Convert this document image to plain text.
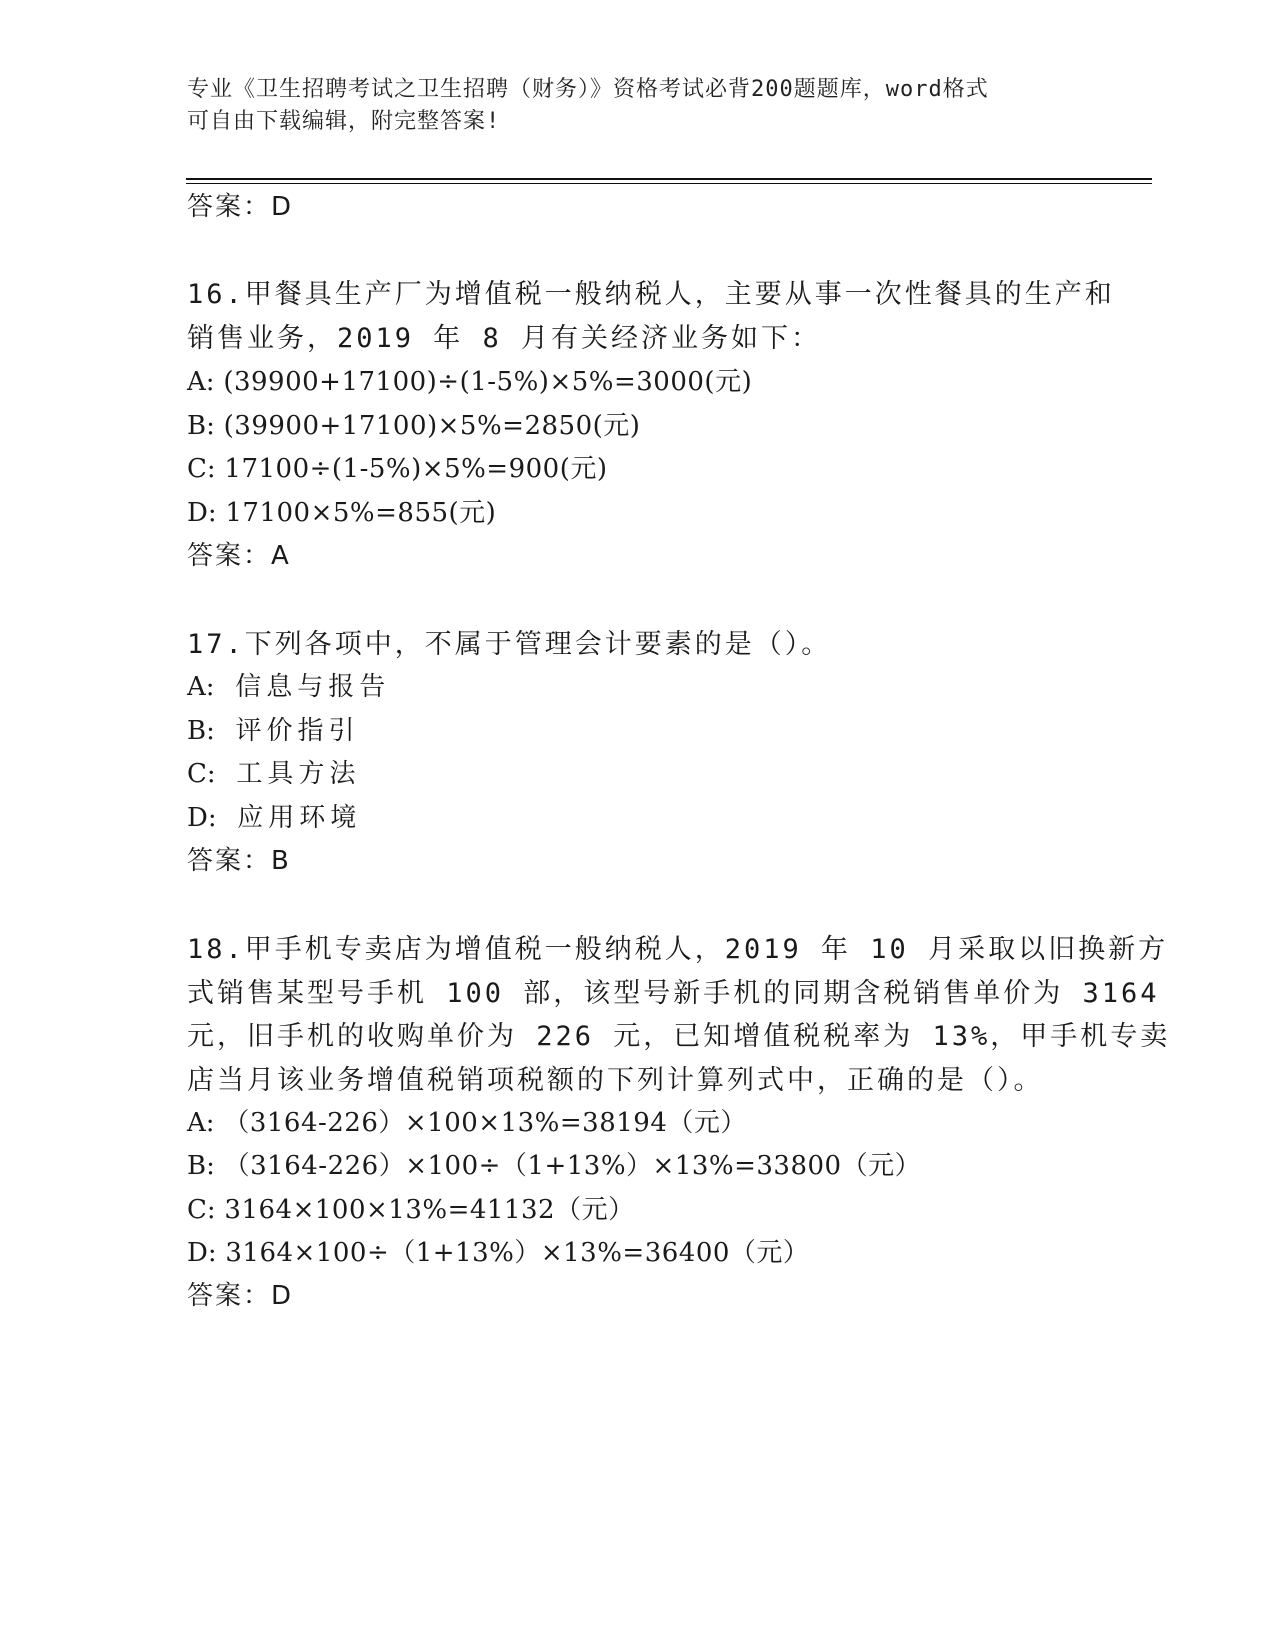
专业《卫生招聘考试之卫生招聘（财务）》资格考试必背200题题库，word格式
可自由下载编辑，附完整答案!
答案：D
16.甲餐具生产厂为增值税一般纳税人，主要从事一次性餐具的生产和
销售业务，2019 年 8 月有关经济业务如下：
A: (39900+17100)÷(1-5%)×5%=3000(元)
B: (39900+17100)×5%=2850(元)
C: 17100÷(1-5%)×5%=900(元)
D: 17100×5%=855(元)
答案：A
17.下列各项中，不属于管理会计要素的是（）。
A: 信息与报告
B: 评价指引
C: 工具方法
D: 应用环境
答案：B
18.甲手机专卖店为增值税一般纳税人，2019 年 10 月采取以旧换新方
式销售某型号手机 100 部，该型号新手机的同期含税销售单价为 3164
元，旧手机的收购单价为 226 元，已知增值税税率为 13%，甲手机专卖
店当月该业务增值税销项税额的下列计算列式中，正确的是（）。
A: （3164-226）×100×13%=38194（元）
B: （3164-226）×100÷（1+13%）×13%=33800（元）
C: 3164×100×13%=41132（元）
D: 3164×100÷（1+13%）×13%=36400（元）
答案：D
